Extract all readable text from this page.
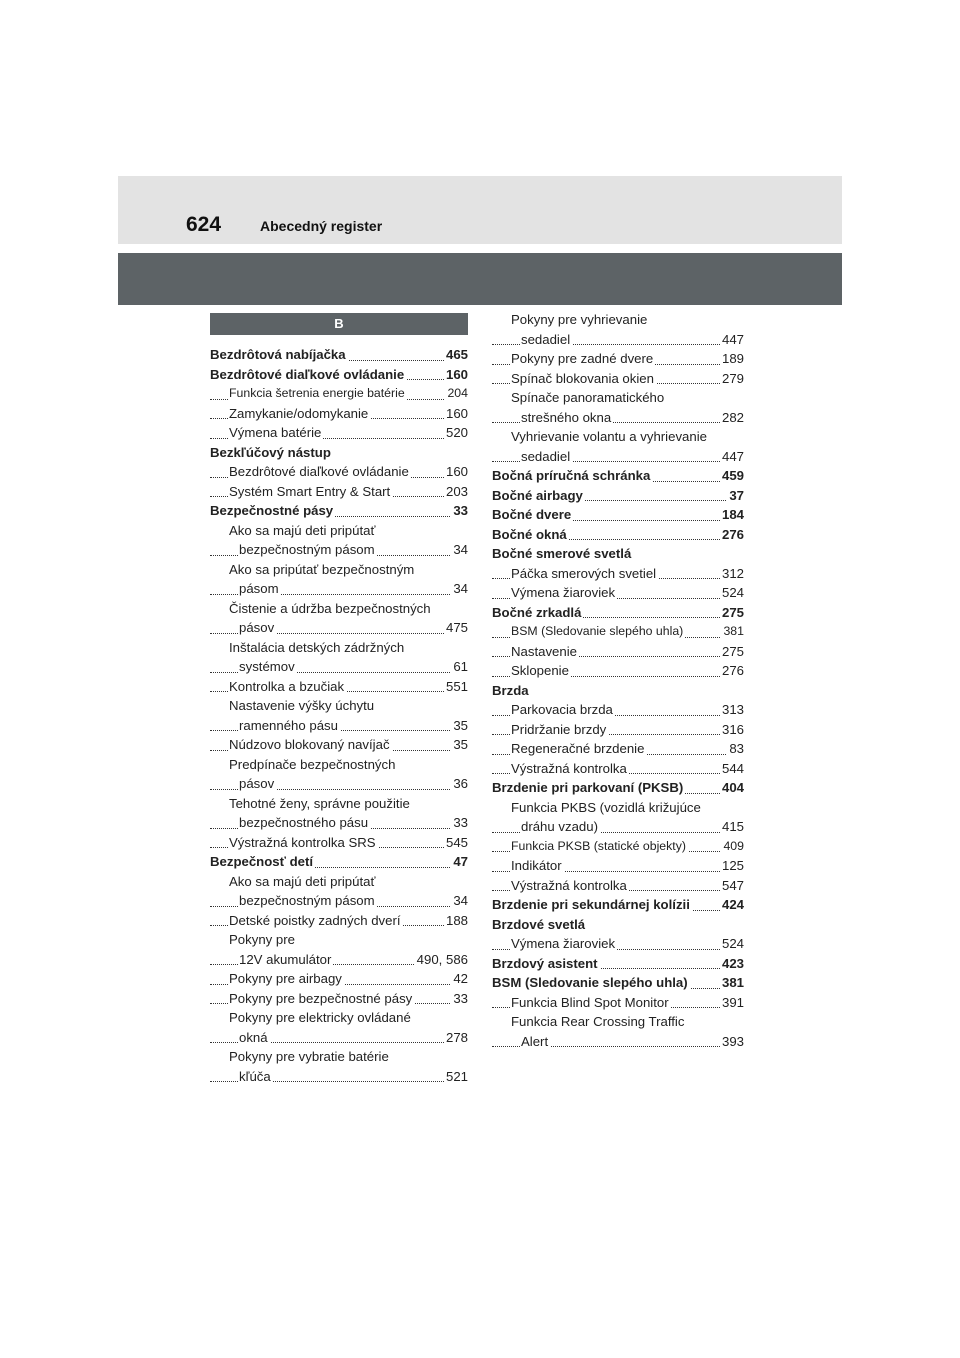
624	Abecedný register
B
Bezdrôtová nabíjačka	465
Bezdrôtové diaľkové ovládanie	160
Funkcia šetrenia energie batérie	204
Zamykanie/odomykanie	160
Výmena batérie	520
Bezkľúčový nástup
Bezdrôtové diaľkové ovládanie	160
Systém Smart Entry & Start	203
Bezpečnostné pásy	33
Ako sa majú deti pripútať
bezpečnostným pásom	34
Ako sa pripútať bezpečnostným
pásom	34
Čistenie a údržba bezpečnostných
pásov	475
Inštalácia detských zádržných
systémov	61
Kontrolka a bzučiak	551
Nastavenie výšky úchytu
ramenného pásu	35
Núdzovo blokovaný navíjač	35
Predpínače bezpečnostných
pásov	36
Tehotné ženy, správne použitie
bezpečnostného pásu	33
Výstražná kontrolka SRS	545
Bezpečnosť detí	47
Ako sa majú deti pripútať
bezpečnostným pásom	34
Detské poistky zadných dverí	188
Pokyny pre
12V akumulátor	490, 586
Pokyny pre airbagy	42
Pokyny pre bezpečnostné pásy	33
Pokyny pre elektricky ovládané
okná	278
Pokyny pre vybratie batérie
kľúča	521
Pokyny pre vyhrievanie
sedadiel	447
Pokyny pre zadné dvere	189
Spínač blokovania okien	279
Spínače panoramatického
strešného okna	282
Vyhrievanie volantu a vyhrievanie
sedadiel	447
Bočná príručná schránka	459
Bočné airbagy	37
Bočné dvere	184
Bočné okná	276
Bočné smerové svetlá
Páčka smerových svetiel	312
Výmena žiaroviek	524
Bočné zrkadlá	275
BSM (Sledovanie slepého uhla)	381
Nastavenie	275
Sklopenie	276
Brzda
Parkovacia brzda	313
Pridržanie brzdy	316
Regeneračné brzdenie	83
Výstražná kontrolka	544
Brzdenie pri parkovaní (PKSB)	404
Funkcia PKBS (vozidlá križujúce
dráhu vzadu)	415
Funkcia PKSB (statické objekty)	409
Indikátor	125
Výstražná kontrolka	547
Brzdenie pri sekundárnej kolízii 424
Brzdové svetlá
Výmena žiaroviek	524
Brzdový asistent	423
BSM (Sledovanie slepého uhla)	381
Funkcia Blind Spot Monitor	391
Funkcia Rear Crossing Traffic
Alert	393
